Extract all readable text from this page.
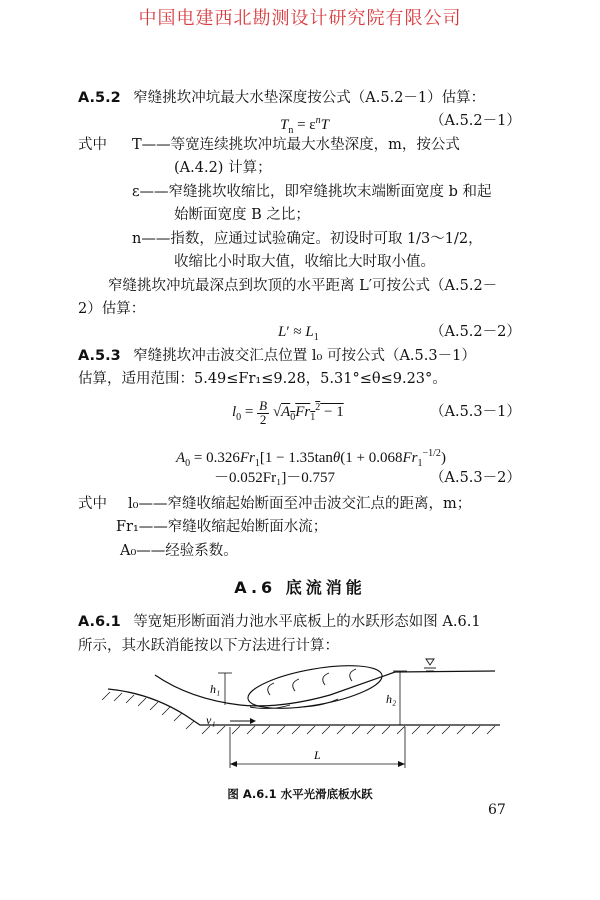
中国电建西北勘测设计研究院有限公司
A.5.2 窄缝挑坎冲坑最大水垫深度按公式（A.5.2－1）估算：
$T_n = \varepsilon^nT$	（A.5.2－1）
式中 T——等宽连续挑坎冲坑最大水垫深度，m，按公式
(A.4.2) 计算；
ε——窄缝挑坎收缩比，即窄缝挑坎末端断面宽度 b 和起
始断面宽度 B 之比；
n——指数，应通过试验确定。初设时可取 1/3～1/2，
收缩比小时取大值，收缩比大时取小值。
窄缝挑坎冲坑最深点到坎顶的水平距离 L′可按公式（A.5.2－
2）估算：
$L' \approx L_1$	（A.5.2－2）
A.5.3 窄缝挑坎冲击波交汇点位置 l₀ 可按公式（A.5.3－1）
估算，适用范围：5.49≤Fr₁≤9.28，5.31°≤θ≤9.23°。
$l_0 = \frac{B}{2} √A_0Fr_1^2 - 1$	（A.5.3－1）
$A_0 = 0.326Fr_1[1 - 1.35\tan\theta(1 + 0.068Fr_1^{-1/2})$
－0.052Fr₁]－0.757	（A.5.3－2）
式中 l₀——窄缝收缩起始断面至冲击波交汇点的距离，m；
Fr₁——窄缝收缩起始断面水流；
A₀——经验系数。
A.6 底流消能
A.6.1 等宽矩形断面消力池水平底板上的水跃形态如图 A.6.1
所示，其水跃消能按以下方法进行计算：
h₁
h₂
v₁
L
图 A.6.1 水平光滑底板水跃
67
